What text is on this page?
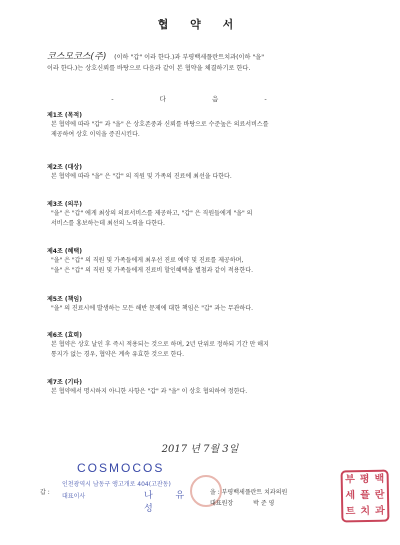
협 약 서
코스모코스(주) (이하 "갑" 이라 한다.)과 부평백세플란트치과(이하 "을"
이라 한다.)는 상호신뢰를 바탕으로 다음과 같이 본 협약을 체결하기로 한다.
- 다 음 -
제1조 (목적)
본 협약에 따라 "갑" 과 "을" 은 상호존중과 신뢰를 바탕으로 수준높은 의료서비스를
제공하여 상호 이익을 증진시킨다.
제2조 (대상)
본 협약에 따라 "을" 은 "갑" 의 직원 및 가족의 진료에 최선을 다한다.
제3조 (의무)
"을" 은 "갑" 에게 최상의 의료서비스를 제공하고, "갑" 은 직원들에게 "을" 의
서비스를 홍보하는데 최선의 노력을 다한다.
제4조 (혜택)
"을" 은 "갑" 의 직원 및 가족들에게 최우선 진료 예약 및 진료를 제공하며,
"을" 은 "갑" 의 직원 및 가족들에게 진료비 할인혜택을 별첨과 같이 적용한다.
제5조 (책임)
"을" 의 진료시에 발생하는 모든 해반 문제에 대한 책임은 "갑" 과는 무관하다.
제6조 (효력)
본 협약은 상호 날인 후 즉시 적용되는 것으로 하며, 2년 단위로 정하되 기간 만 해지
통지가 없는 경우, 협약은 계속 유효한 것으로 한다.
제7조 (기타)
본 협약에서 명시하지 아니한 사항은 "갑" 과 "을" 이 상호 협의하여 정한다.
2017 년 7월 3일
갑 :
COSMOCOS
인천광역시 남동구 앵고개로 404(고잔동)
대표이사	나 유 성
을 : 부평백세플란트 치과의원
대표원장	박 준 영
부 평 백
세 플 란
트 치 과
